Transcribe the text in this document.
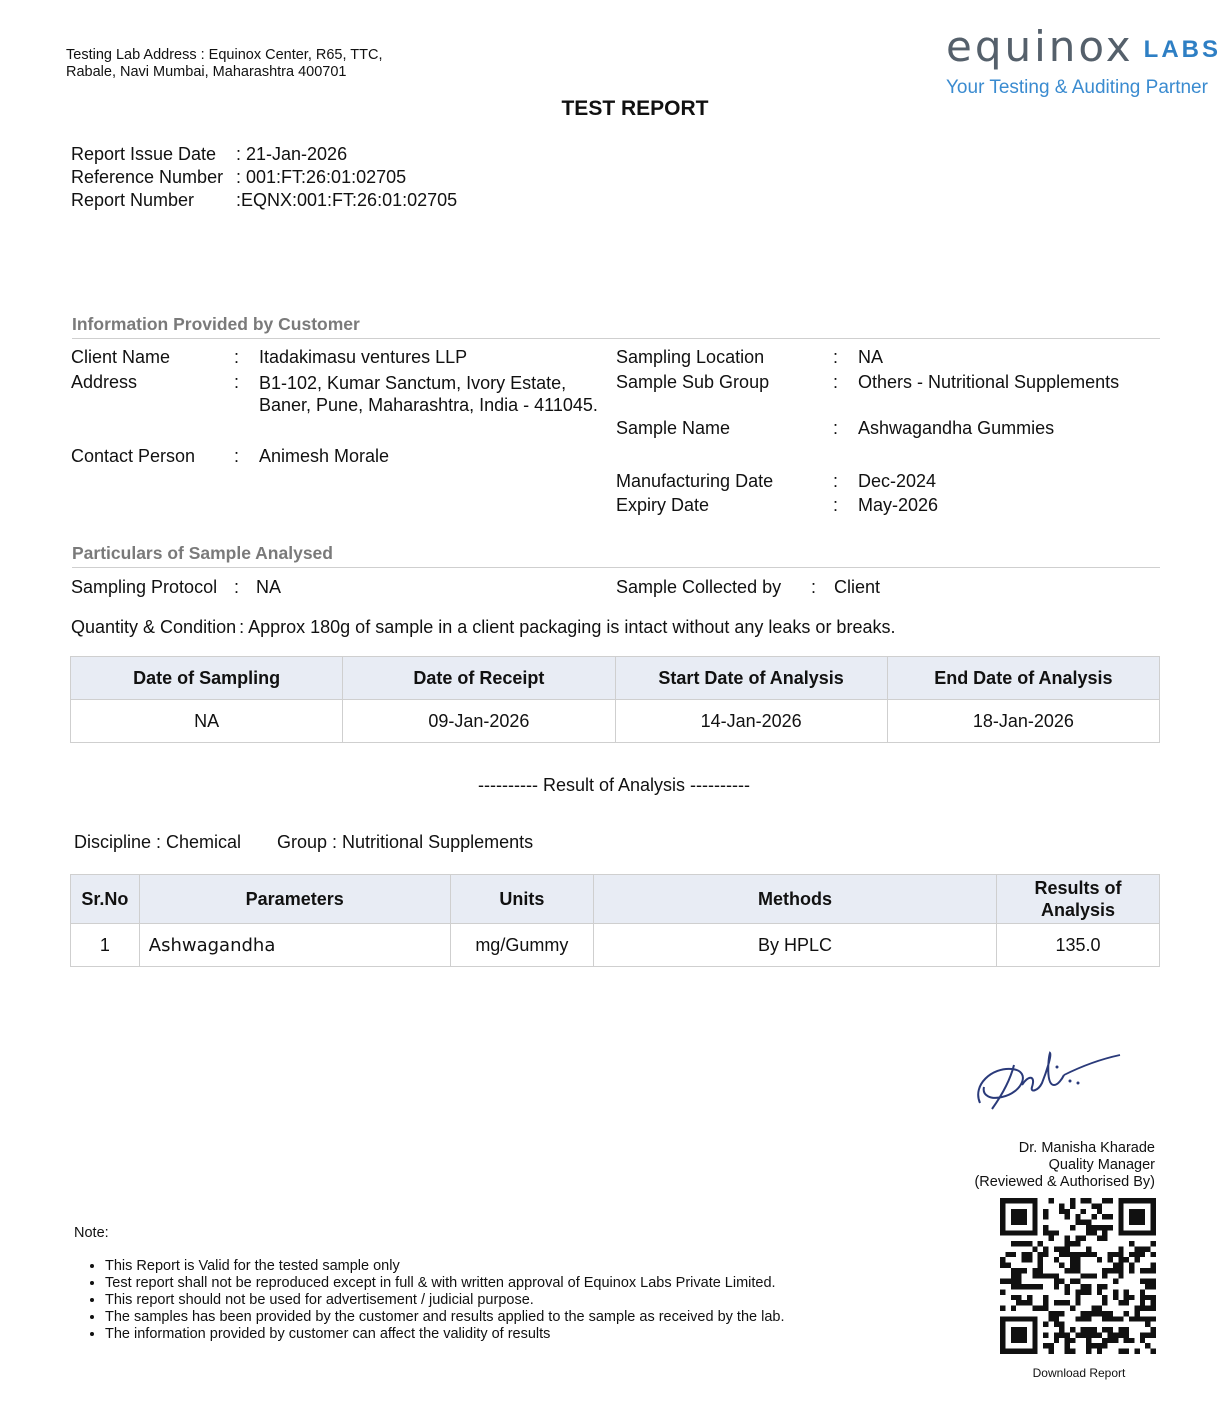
Testing Lab Address : Equinox Center, R65, TTC, Rabale, Navi Mumbai, Maharashtra 400701
equinox LABS
Your Testing & Auditing Partner
TEST REPORT
Report Issue Date : 21-Jan-2026
Reference Number : 001:FT:26:01:02705
Report Number :EQNX:001:FT:26:01:02705
Information Provided by Customer
Client Name	: Itadakimasu ventures LLP
Address	: B1-102, Kumar Sanctum, Ivory Estate,
Baner, Pune, Maharashtra, India - 411045.
Contact Person : Animesh Morale
Sampling Location	: NA
Sample Sub Group	: Others - Nutritional Supplements
Sample Name	: Ashwagandha Gummies
Manufacturing Date	: Dec-2024
Expiry Date	: May-2026
Particulars of Sample Analysed
Sampling Protocol : NA	Sample Collected by : Client
Quantity & Condition : Approx 180g of sample in a client packaging is intact without any leaks or breaks.
Date of Sampling	Date of Receipt	Start Date of Analysis	End Date of Analysis
NA	09-Jan-2026	14-Jan-2026	18-Jan-2026
---------- Result of Analysis ----------
Discipline : Chemical Group : Nutritional Supplements
Sr.No	Parameters	Units	Methods	Results of Analysis
1	Ashwagandha	mg/Gummy	By HPLC	135.0
Dr. Manisha Kharade
Quality Manager
(Reviewed & Authorised By)
Download Report
Note:
• This Report is Valid for the tested sample only
• Test report shall not be reproduced except in full & with written approval of Equinox Labs Private Limited.
• This report should not be used for advertisement / judicial purpose.
• The samples has been provided by the customer and results applied to the sample as received by the lab.
• The information provided by customer can affect the validity of results
